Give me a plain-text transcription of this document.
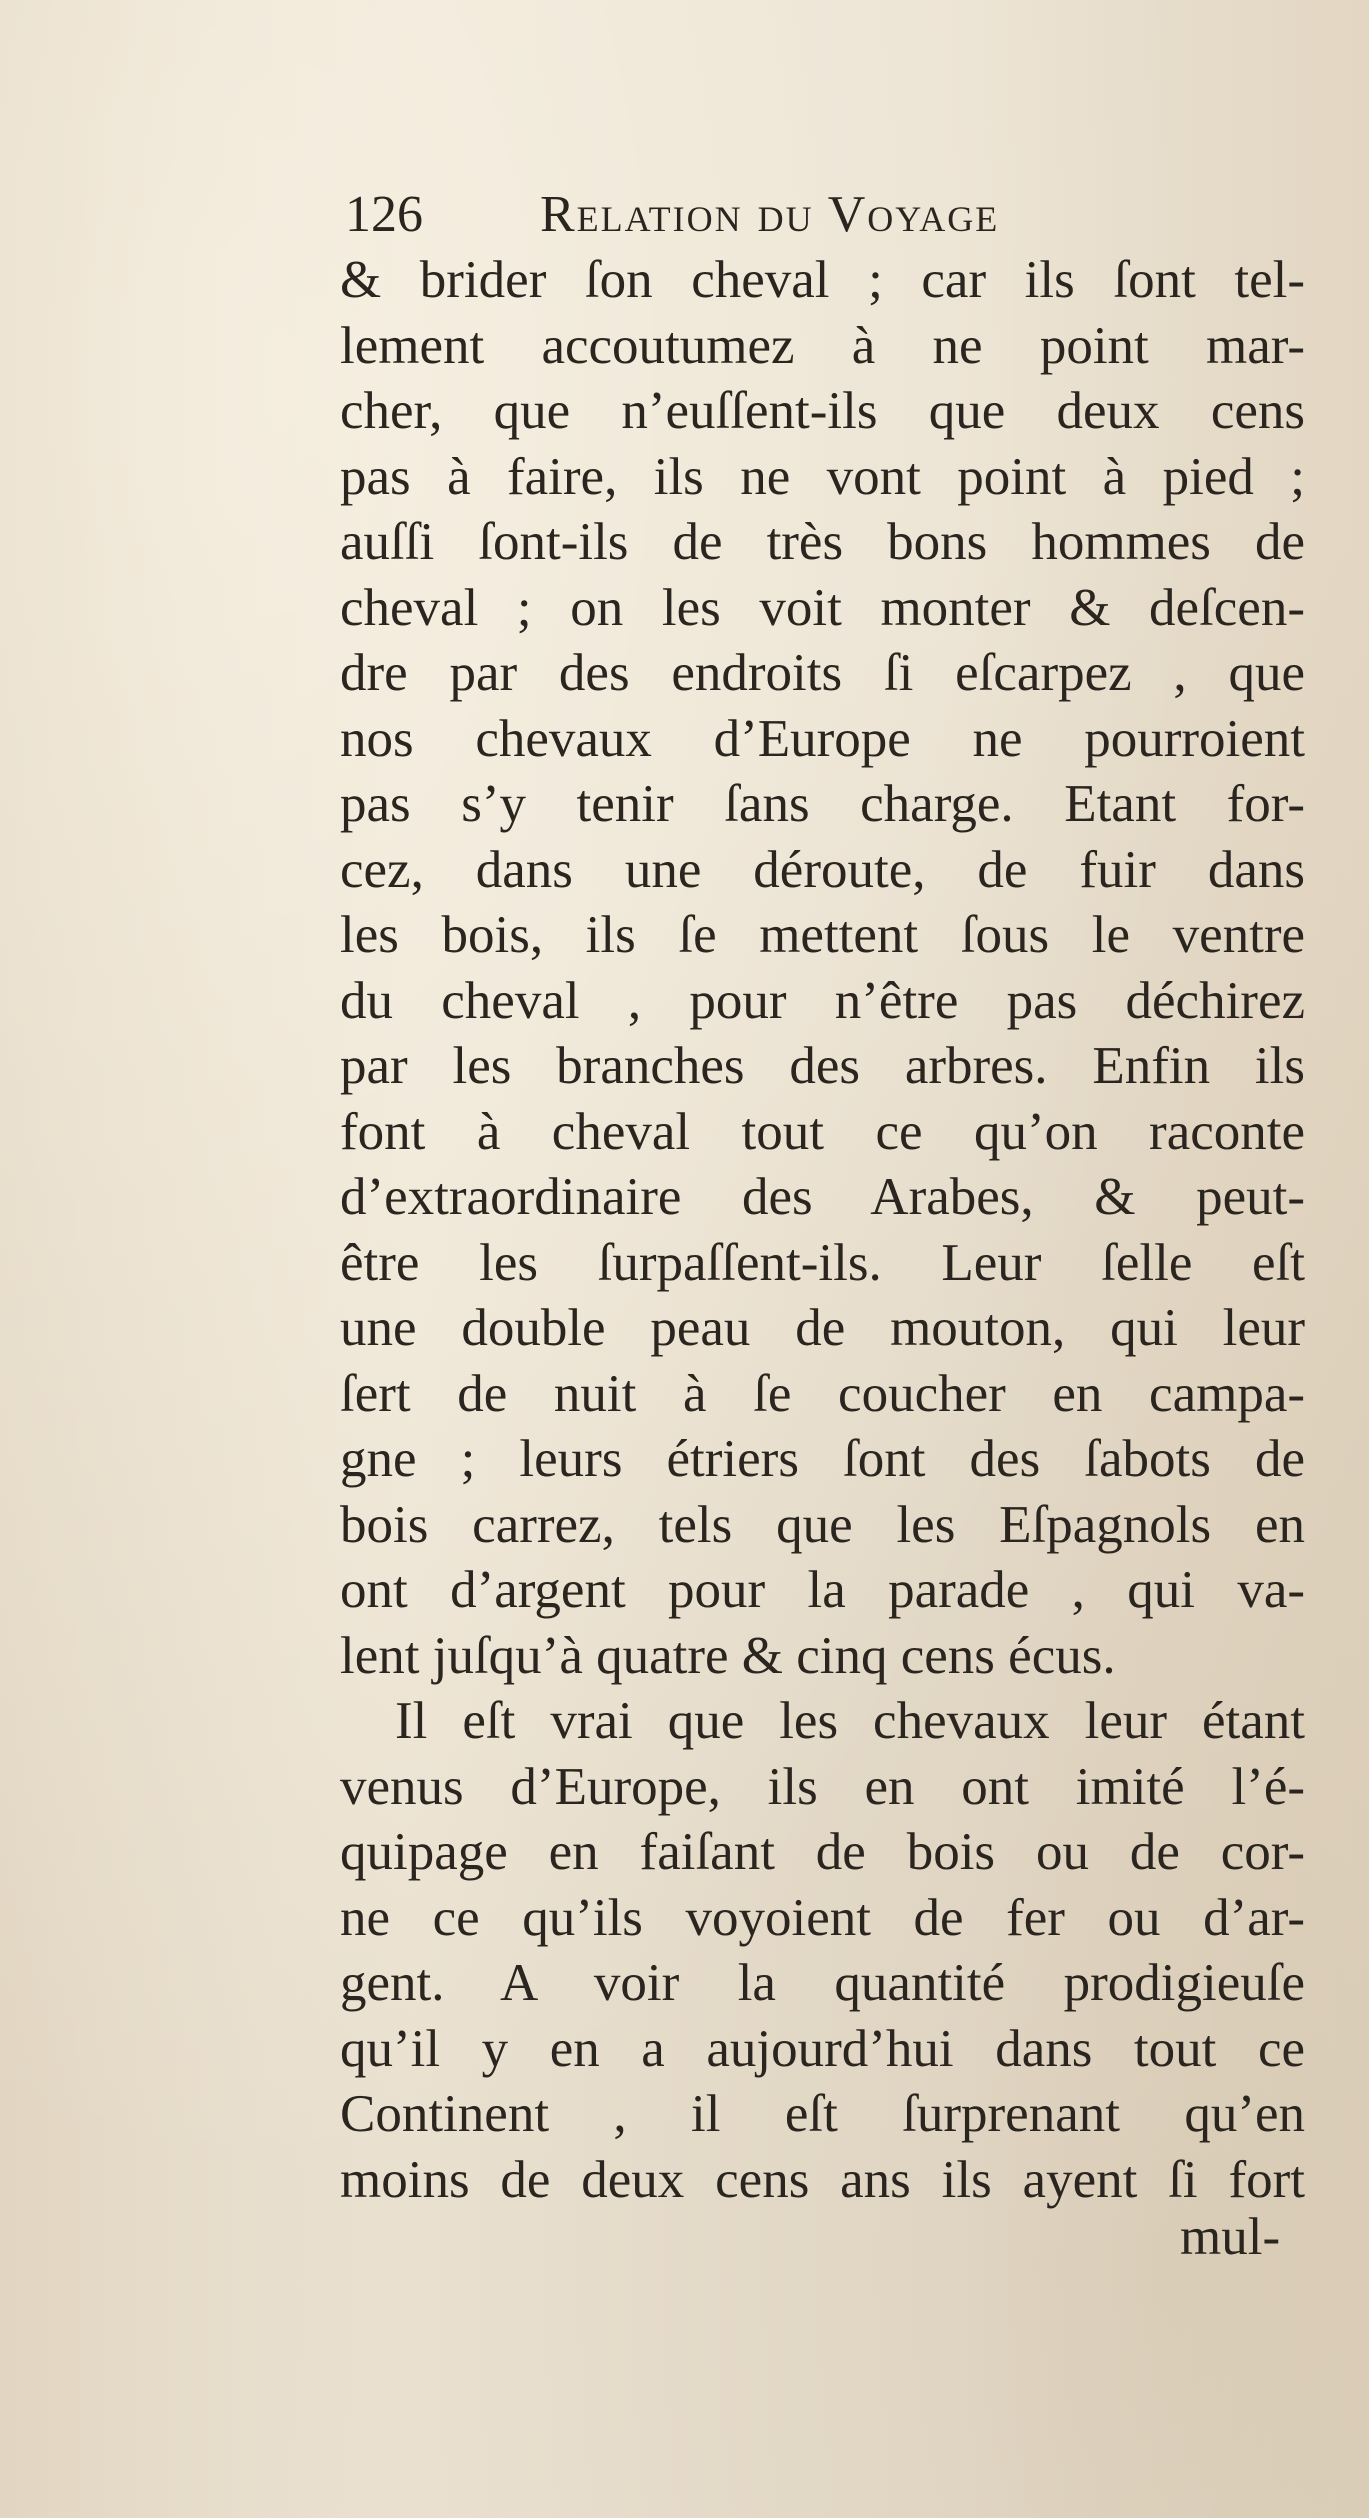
126 Relation du Voyage
& brider ſon cheval ; car ils ſont tel-
lement accoutumez à ne point mar-
cher, que n’euſſent-ils que deux cens
pas à faire, ils ne vont point à pied ;
auſſi ſont-ils de très bons hommes de
cheval ; on les voit monter & deſcen-
dre par des endroits ſi eſcarpez , que
nos chevaux d’Europe ne pourroient
pas s’y tenir ſans charge. Etant for-
cez, dans une déroute, de fuir dans
les bois, ils ſe mettent ſous le ventre
du cheval , pour n’être pas déchirez
par les branches des arbres. Enfin ils
font à cheval tout ce qu’on raconte
d’extraordinaire des Arabes, & peut-
être les ſurpaſſent-ils. Leur ſelle eſt
une double peau de mouton, qui leur
ſert de nuit à ſe coucher en campa-
gne ; leurs étriers ſont des ſabots de
bois carrez, tels que les Eſpagnols en
ont d’argent pour la parade , qui va-
lent juſqu’à quatre & cinq cens écus.
Il eſt vrai que les chevaux leur étant
venus d’Europe, ils en ont imité l’é-
quipage en faiſant de bois ou de cor-
ne ce qu’ils voyoient de fer ou d’ar-
gent. A voir la quantité prodigieuſe
qu’il y en a aujourd’hui dans tout ce
Continent , il eſt ſurprenant qu’en
moins de deux cens ans ils ayent ſi fort
mul-
